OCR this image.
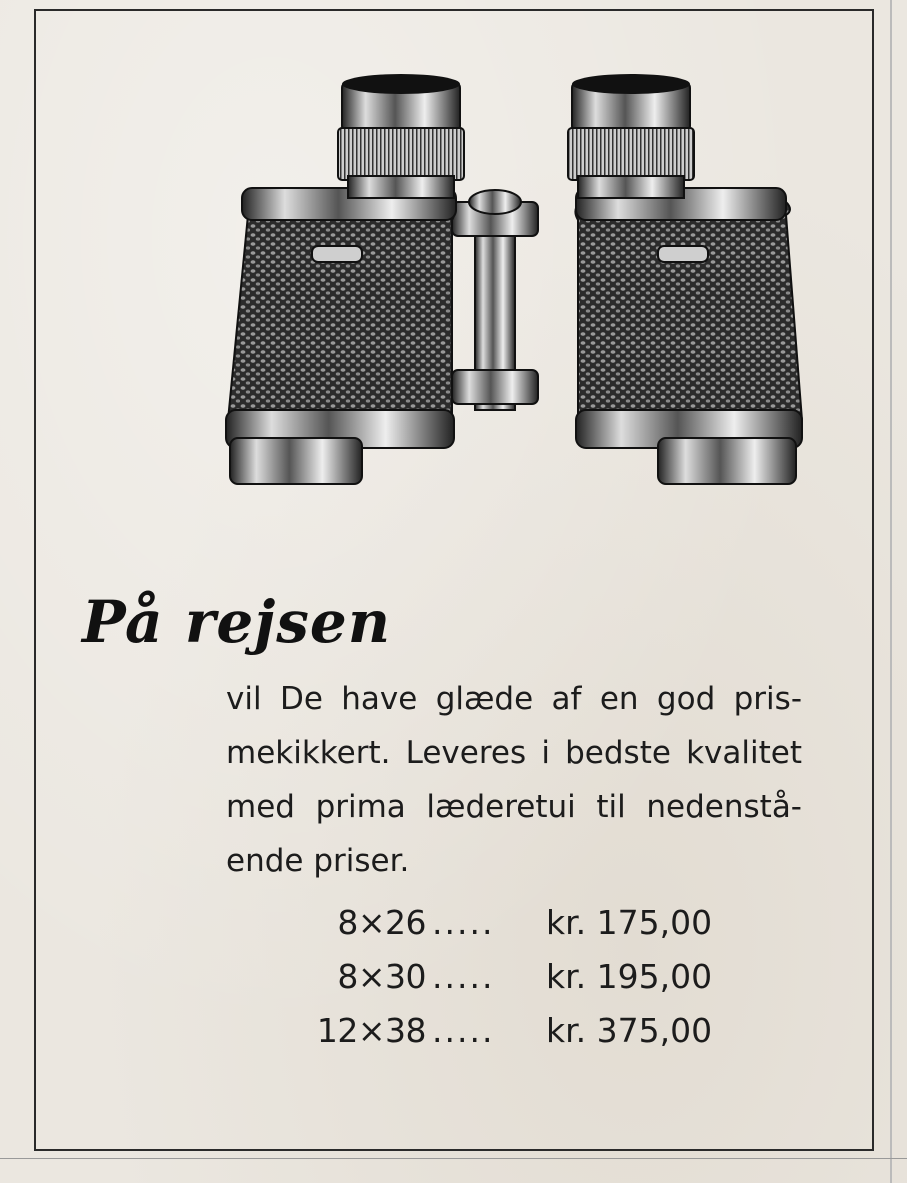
På rejsen
vil De have glæde af en god pris-
mekikkert. Leveres i bedste kvalitet
med prima læderetui til nedenstå-
ende priser.
8×26 .....	kr. 175,00
8×30 .....	kr. 195,00
12×38 .....	kr. 375,00
